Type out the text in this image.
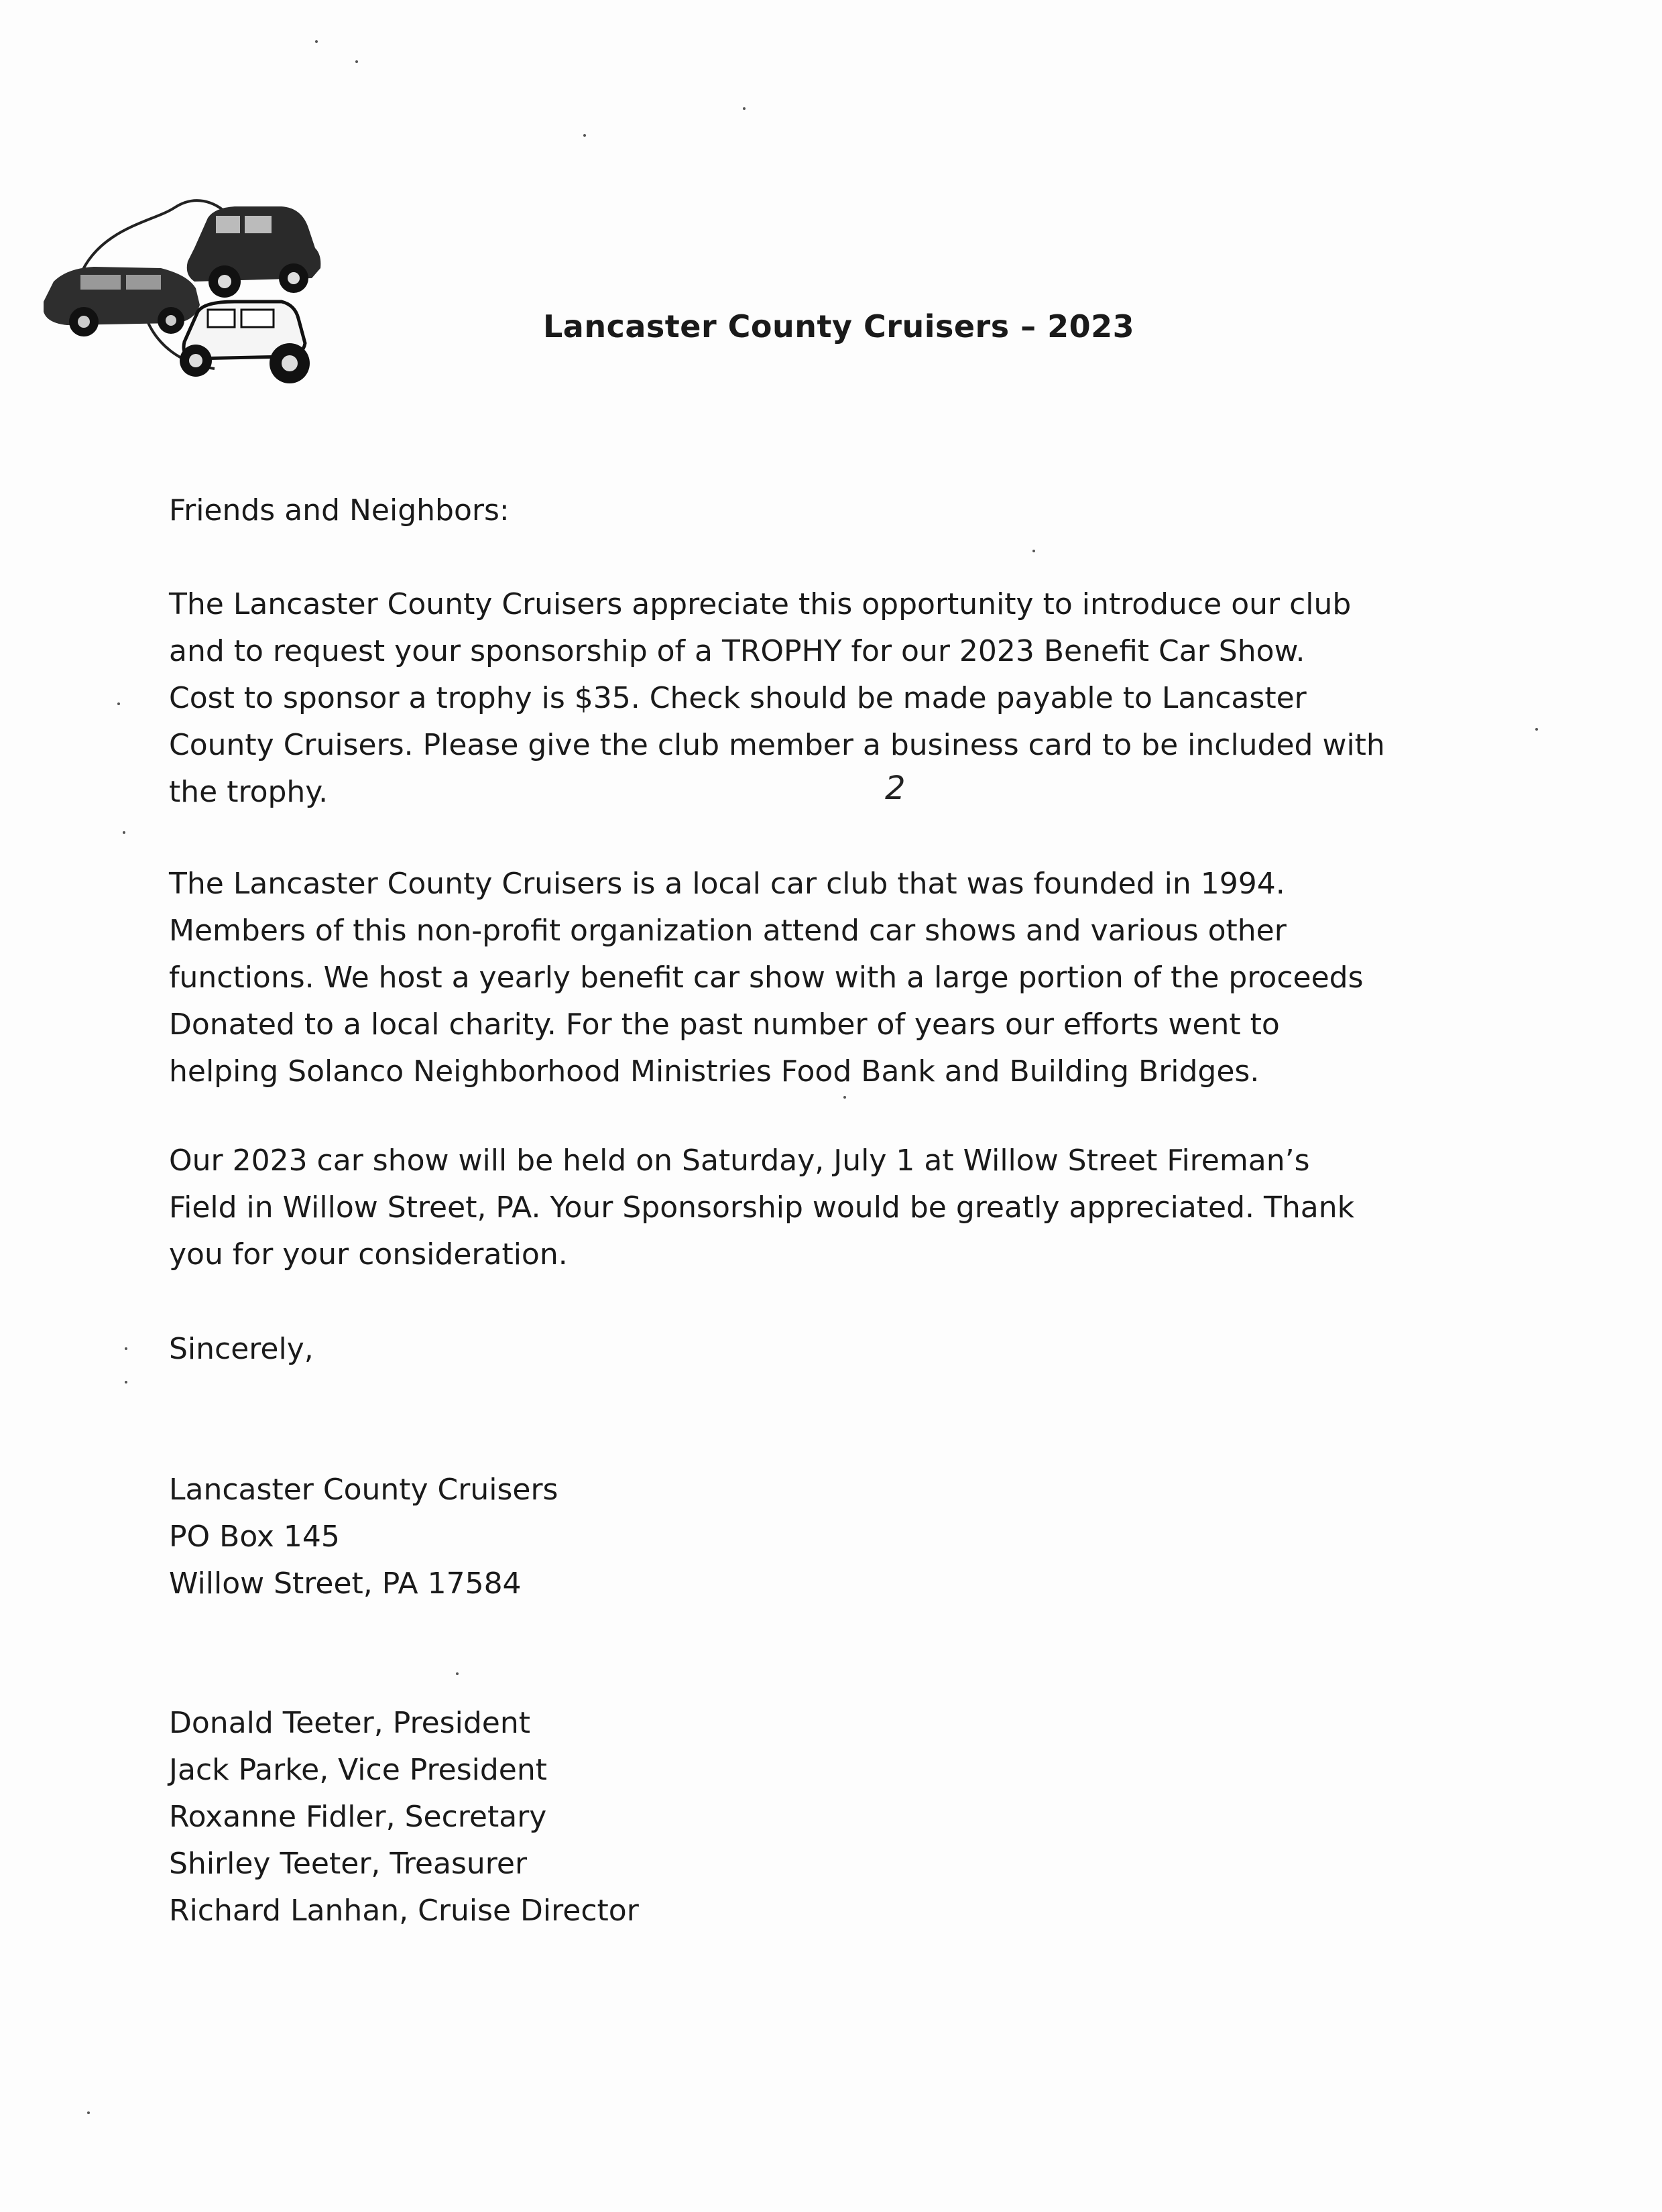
Lancaster County Cruisers – 2023
Friends and Neighbors:
The Lancaster County Cruisers appreciate this opportunity to introduce our club
and to request your sponsorship of a TROPHY for our 2023 Benefit Car Show.
Cost to sponsor a trophy is $35. Check should be made payable to Lancaster
County Cruisers. Please give the club member a business card to be included with
the trophy.	2
The Lancaster County Cruisers is a local car club that was founded in 1994.
Members of this non-profit organization attend car shows and various other
functions. We host a yearly benefit car show with a large portion of the proceeds
Donated to a local charity. For the past number of years our efforts went to
helping Solanco Neighborhood Ministries Food Bank and Building Bridges.
Our 2023 car show will be held on Saturday, July 1 at Willow Street Fireman’s
Field in Willow Street, PA. Your Sponsorship would be greatly appreciated. Thank
you for your consideration.
Sincerely,
Lancaster County Cruisers
PO Box 145
Willow Street, PA 17584
Donald Teeter, President
Jack Parke, Vice President
Roxanne Fidler, Secretary
Shirley Teeter, Treasurer
Richard Lanhan, Cruise Director
